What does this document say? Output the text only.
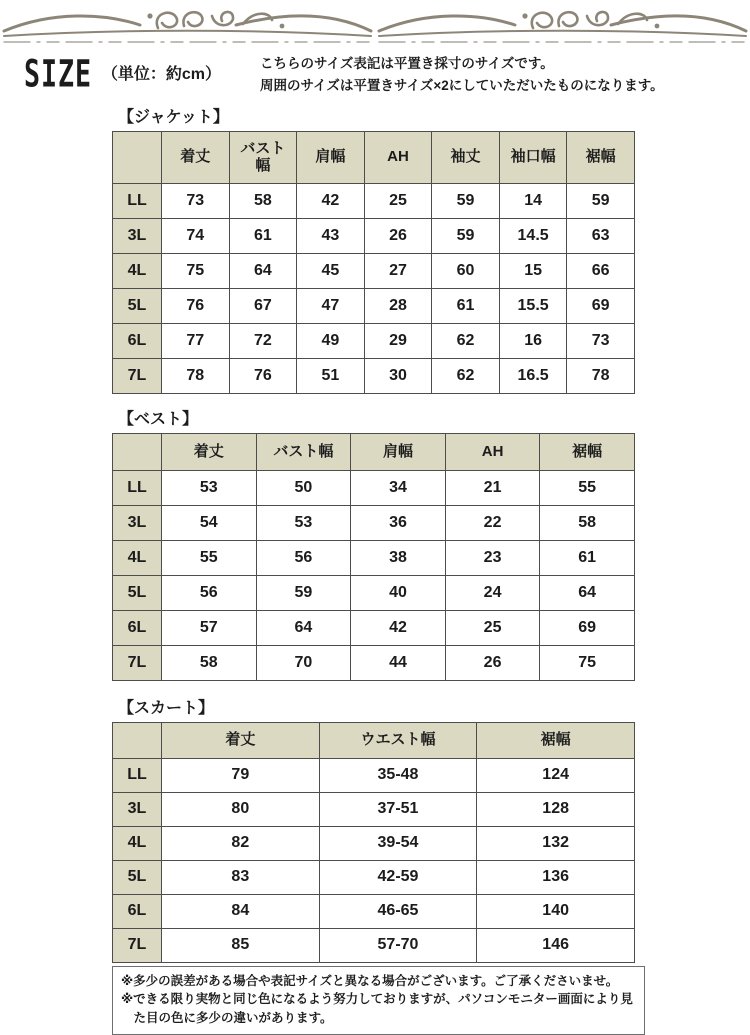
SIZE （単位：約cm）
こちらのサイズ表記は平置き採寸のサイズです。
周囲のサイズは平置きサイズ×2にしていただいたものになります。
【ジャケット】
	着丈	バスト幅	肩幅	AH	袖丈	袖口幅	裾幅
LL	73	58	42	25	59	14	59
3L	74	61	43	26	59	14.5	63
4L	75	64	45	27	60	15	66
5L	76	67	47	28	61	15.5	69
6L	77	72	49	29	62	16	73
7L	78	76	51	30	62	16.5	78
【ベスト】
	着丈	バスト幅	肩幅	AH	裾幅
LL	53	50	34	21	55
3L	54	53	36	22	58
4L	55	56	38	23	61
5L	56	59	40	24	64
6L	57	64	42	25	69
7L	58	70	44	26	75
【スカート】
	着丈	ウエスト幅	裾幅
LL	79	35-48	124
3L	80	37-51	128
4L	82	39-54	132
5L	83	42-59	136
6L	84	46-65	140
7L	85	57-70	146

※多少の誤差がある場合や表記サイズと異なる場合がございます。ご了承くださいませ。

※できる限り実物と同じ色になるよう努力しておりますが、パソコンモニター画面により見た目の色に多少の違いがあります。
